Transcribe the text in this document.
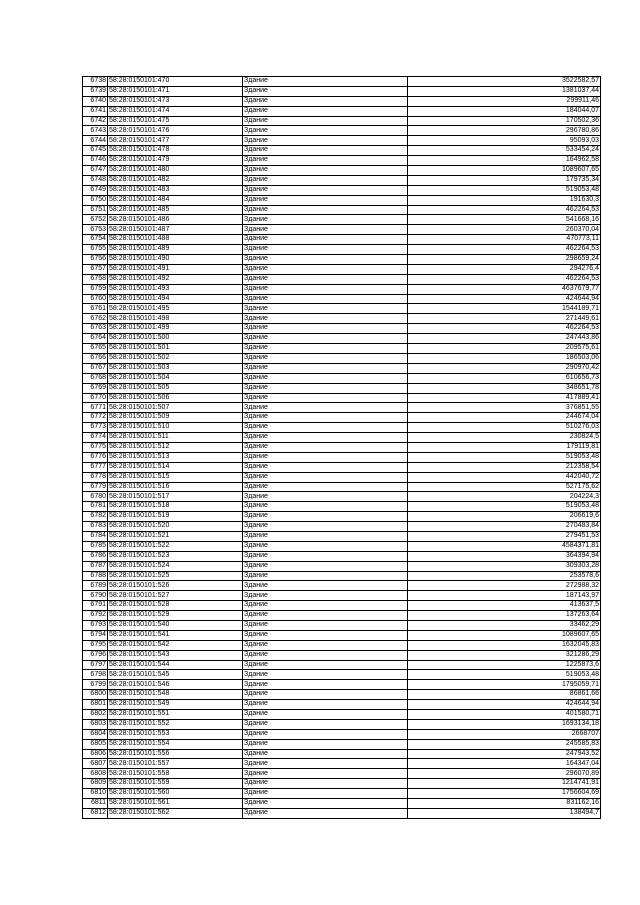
6738	58:28:0150101:470	Здание	3522582,57
6739	58:28:0150101:471	Здание	1381037,44
6740	58:28:0150101:473	Здание	299911,46
6741	58:28:0150101:474	Здание	184044,07
6742	58:28:0150101:475	Здание	170502,36
6743	58:28:0150101:476	Здание	296780,86
6744	58:28:0150101:477	Здание	95093,03
6745	58:28:0150101:478	Здание	533454,24
6746	58:28:0150101:479	Здание	164962,58
6747	58:28:0150101:480	Здание	1089607,65
6748	58:28:0150101:482	Здание	179735,34
6749	58:28:0150101:483	Здание	519053,48
6750	58:28:0150101:484	Здание	191630,3
6751	58:28:0150101:485	Здание	462264,53
6752	58:28:0150101:486	Здание	541668,16
6753	58:28:0150101:487	Здание	260370,04
6754	58:28:0150101:488	Здание	470773,11
6755	58:28:0150101:489	Здание	462264,53
6756	58:28:0150101:490	Здание	298659,24
6757	58:28:0150101:491	Здание	294276,4
6758	58:28:0150101:492	Здание	462264,53
6759	58:28:0150101:493	Здание	4637679,77
6760	58:28:0150101:494	Здание	424644,94
6761	58:28:0150101:495	Здание	1544189,71
6762	58:28:0150101:498	Здание	271449,61
6763	58:28:0150101:499	Здание	462264,53
6764	58:28:0150101:500	Здание	247443,86
6765	58:28:0150101:501	Здание	209575,61
6766	58:28:0150101:502	Здание	186503,06
6767	58:28:0150101:503	Здание	290970,42
6768	58:28:0150101:504	Здание	610656,73
6769	58:28:0150101:505	Здание	348651,78
6770	58:28:0150101:506	Здание	417889,41
6771	58:28:0150101:507	Здание	376851,55
6772	58:28:0150101:509	Здание	244674,04
6773	58:28:0150101:510	Здание	510276,03
6774	58:28:0150101:511	Здание	230824,5
6775	58:28:0150101:512	Здание	179119,81
6776	58:28:0150101:513	Здание	519053,48
6777	58:28:0150101:514	Здание	212358,54
6778	58:28:0150101:515	Здание	442040,72
6779	58:28:0150101:516	Здание	527175,62
6780	58:28:0150101:517	Здание	204224,3
6781	58:28:0150101:518	Здание	519053,48
6782	58:28:0150101:519	Здание	206619,6
6783	58:28:0150101:520	Здание	270483,84
6784	58:28:0150101:521	Здание	279451,53
6785	58:28:0150101:522	Здание	4584371,81
6786	58:28:0150101:523	Здание	364394,94
6787	58:28:0150101:524	Здание	309303,28
6788	58:28:0150101:525	Здание	253578,6
6789	58:28:0150101:526	Здание	272988,32
6790	58:28:0150101:527	Здание	187143,97
6791	58:28:0150101:528	Здание	413637,5
6792	58:28:0150101:529	Здание	137263,64
6793	58:28:0150101:540	Здание	33462,29
6794	58:28:0150101:541	Здание	1089607,65
6795	58:28:0150101:542	Здание	1632045,83
6796	58:28:0150101:543	Здание	321286,29
6797	58:28:0150101:544	Здание	1225873,6
6798	58:28:0150101:545	Здание	519053,48
6799	58:28:0150101:546	Здание	1795059,71
6800	58:28:0150101:548	Здание	86861,66
6801	58:28:0150101:549	Здание	424644,94
6802	58:28:0150101:551	Здание	401580,71
6803	58:28:0150101:552	Здание	1693134,18
6804	58:28:0150101:553	Здание	2668707
6805	58:28:0150101:554	Здание	245585,83
6806	58:28:0150101:556	Здание	247943,52
6807	58:28:0150101:557	Здание	164347,04
6808	58:28:0150101:558	Здание	296070,89
6809	58:28:0150101:559	Здание	1214741,91
6810	58:28:0150101:560	Здание	1756604,69
6811	58:28:0150101:561	Здание	831162,16
6812	58:28:0150101:562	Здание	138494,7
